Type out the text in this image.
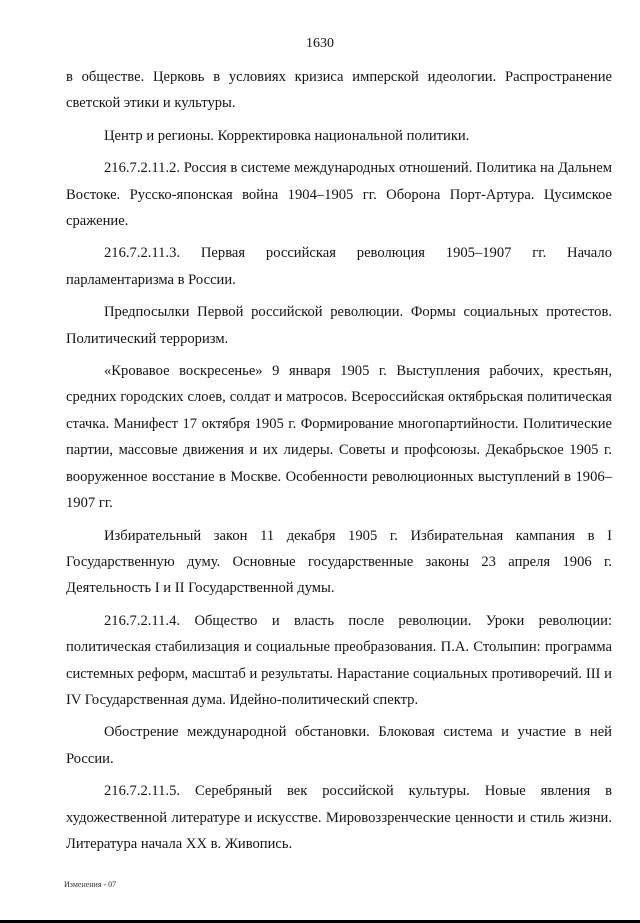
1630

в обществе. Церковь в условиях кризиса имперской идеологии. Распространение светской этики и культуры.

Центр и регионы. Корректировка национальной политики.

216.7.2.11.2. Россия в системе международных отношений. Политика на Дальнем Востоке. Русско-японская война 1904–1905 гг. Оборона Порт-Артура. Цусимское сражение.

216.7.2.11.3. Первая российская революция 1905–1907 гг. Начало парламентаризма в России.

Предпосылки Первой российской революции. Формы социальных протестов. Политический терроризм.

«Кровавое воскресенье» 9 января 1905 г. Выступления рабочих, крестьян, средних городских слоев, солдат и матросов. Всероссийская октябрьская политическая стачка. Манифест 17 октября 1905 г. Формирование многопартийности. Политические партии, массовые движения и их лидеры. Советы и профсоюзы. Декабрьское 1905 г. вооруженное восстание в Москве. Особенности революционных выступлений в 1906–1907 гг.

Избирательный закон 11 декабря 1905 г. Избирательная кампания в I Государственную думу. Основные государственные законы 23 апреля 1906 г. Деятельность I и II Государственной думы.

216.7.2.11.4. Общество и власть после революции. Уроки революции: политическая стабилизация и социальные преобразования. П.А. Столыпин: программа системных реформ, масштаб и результаты. Нарастание социальных противоречий. III и IV Государственная дума. Идейно-политический спектр.

Обострение международной обстановки. Блоковая система и участие в ней России.

216.7.2.11.5. Серебряный век российской культуры. Новые явления в художественной литературе и искусстве. Мировоззренческие ценности и стиль жизни. Литература начала XX в. Живопись.

Изменения - 07
